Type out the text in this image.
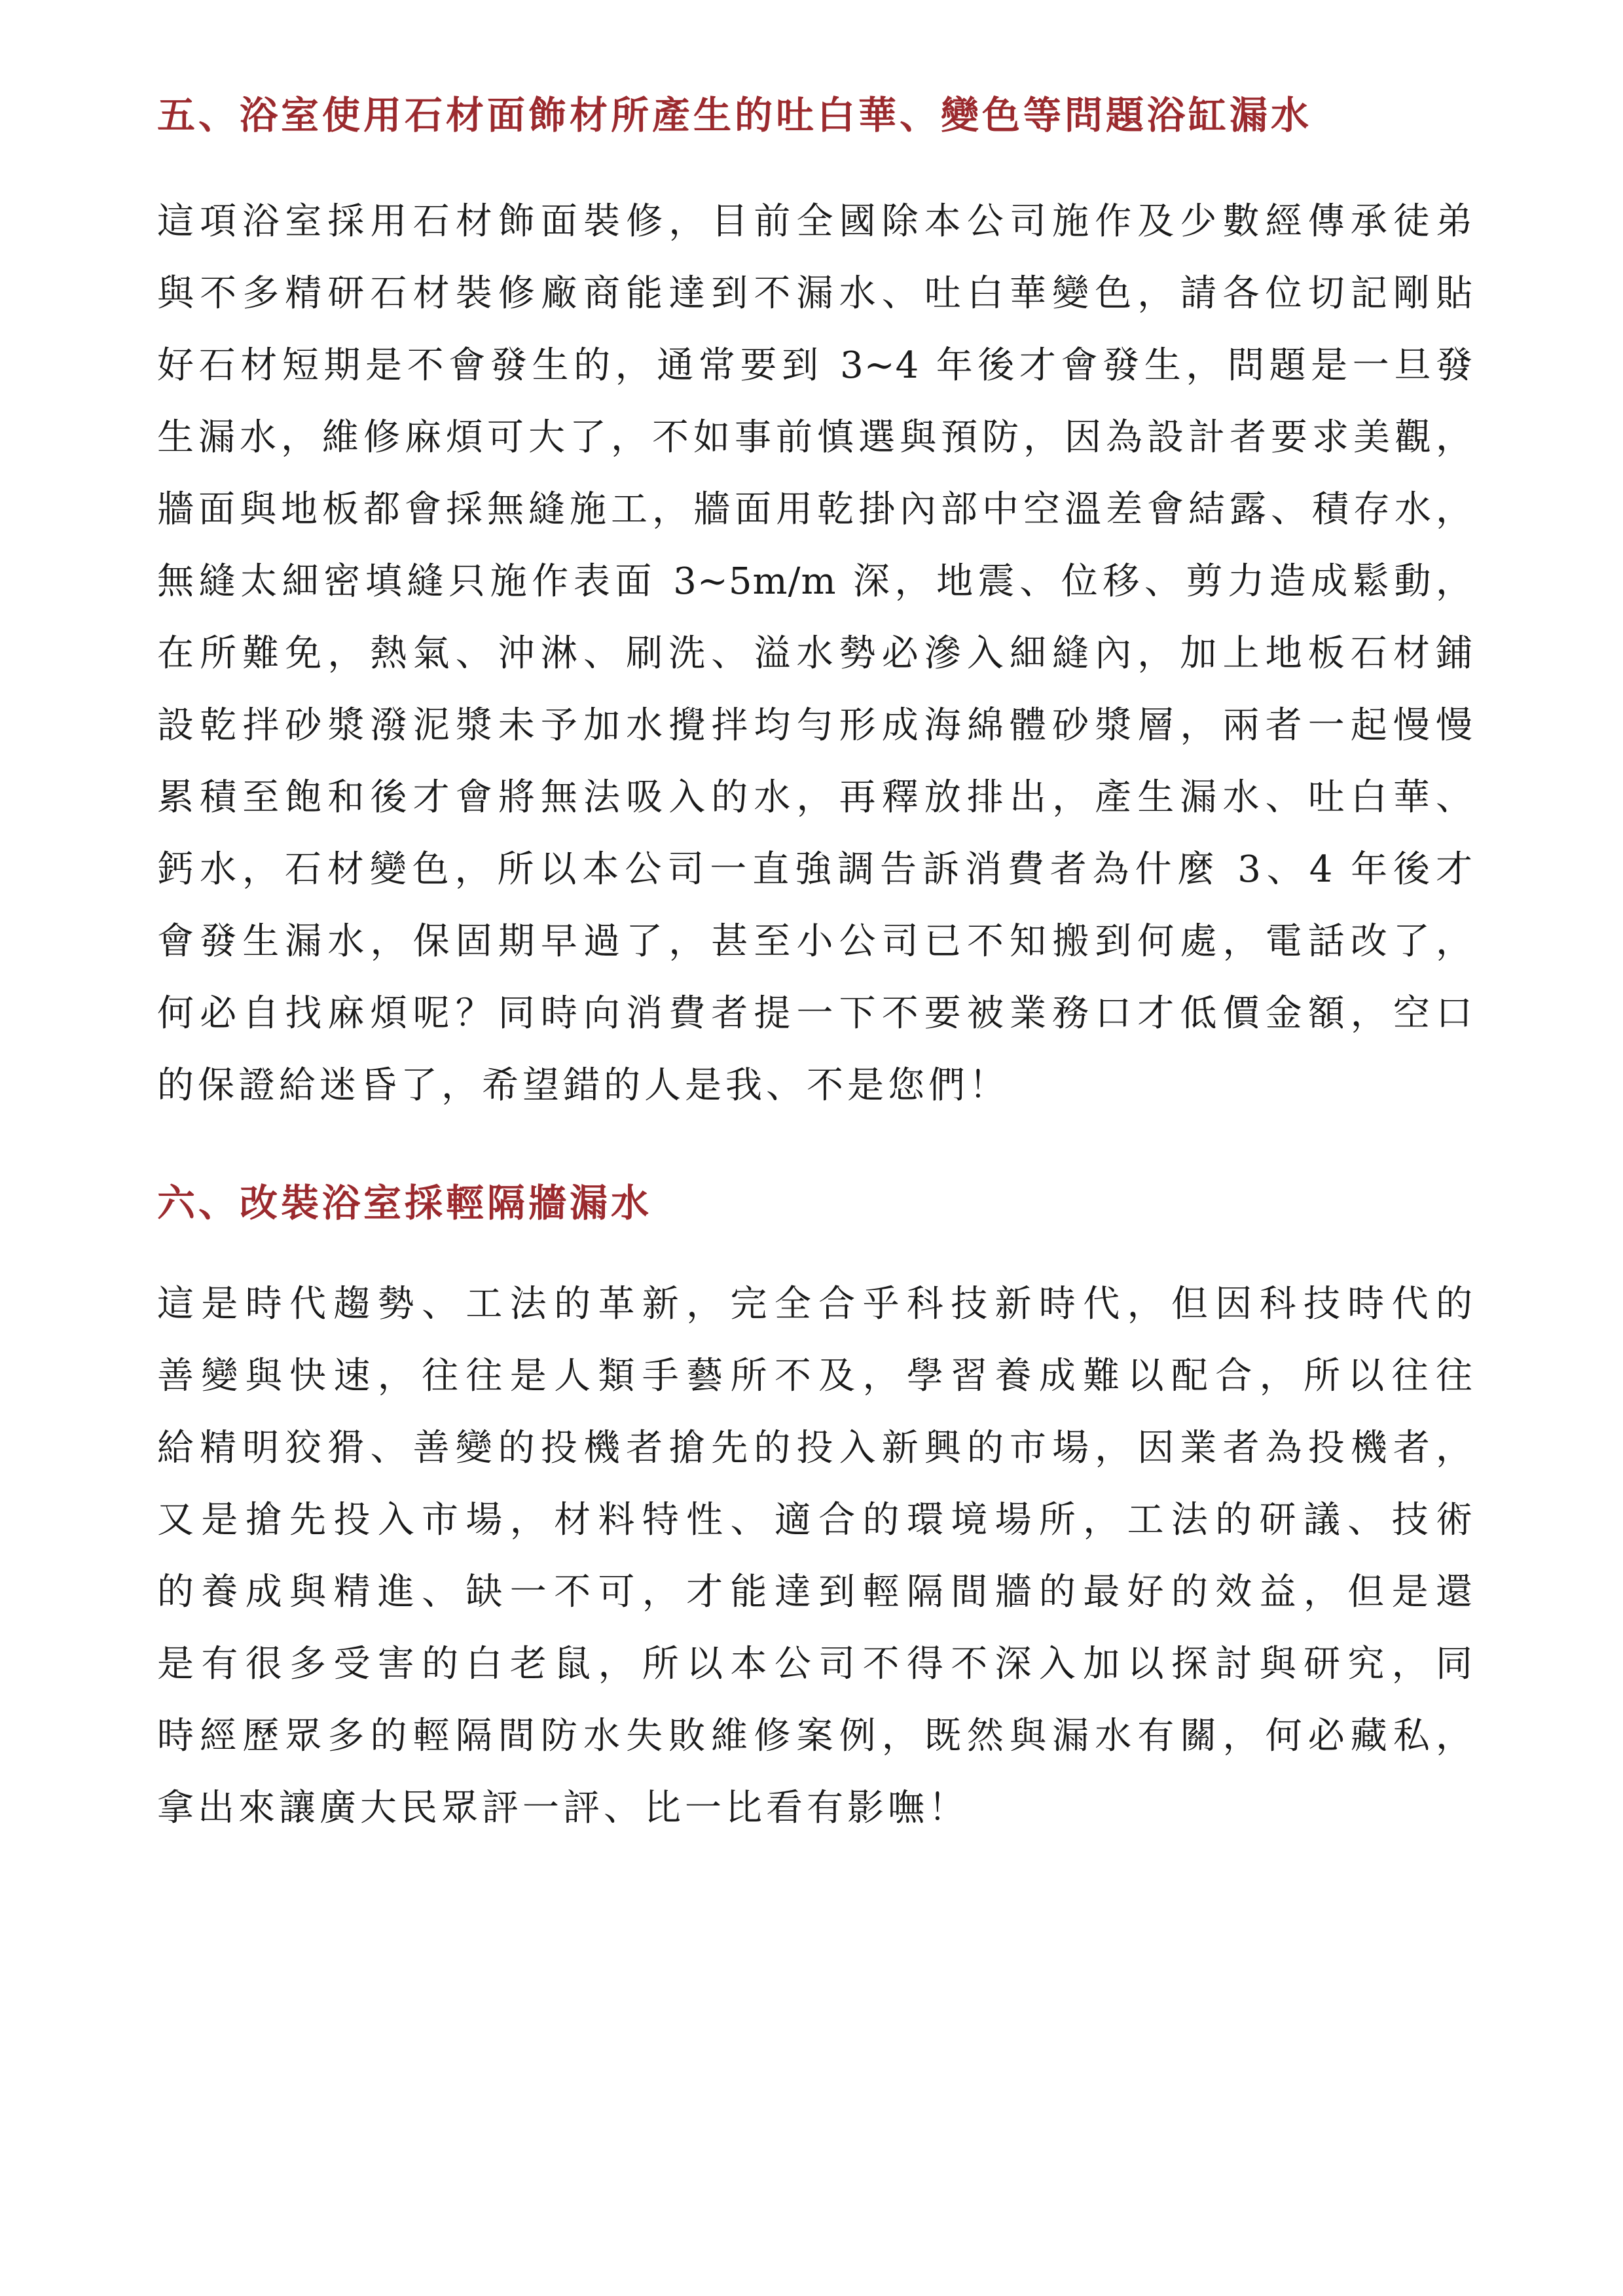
五、浴室使用石材面飾材所產生的吐白華、變色等問題浴缸漏水
這項浴室採用石材飾面裝修，目前全國除本公司施作及少數經傳承徒弟
與不多精研石材裝修廠商能達到不漏水、吐白華變色，請各位切記剛貼
好石材短期是不會發生的，通常要到 3~4 年後才會發生，問題是一旦發
生漏水，維修麻煩可大了，不如事前慎選與預防，因為設計者要求美觀，
牆面與地板都會採無縫施工，牆面用乾掛內部中空溫差會結露、積存水，
無縫太細密填縫只施作表面 3~5m/m 深，地震、位移、剪力造成鬆動，
在所難免，熱氣、沖淋、刷洗、溢水勢必滲入細縫內，加上地板石材鋪
設乾拌砂漿潑泥漿未予加水攪拌均勻形成海綿體砂漿層，兩者一起慢慢
累積至飽和後才會將無法吸入的水，再釋放排出，產生漏水、吐白華、
鈣水，石材變色，所以本公司一直強調告訴消費者為什麼 3、4 年後才
會發生漏水，保固期早過了，甚至小公司已不知搬到何處，電話改了，
何必自找麻煩呢？同時向消費者提一下不要被業務口才低價金額，空口
的保證給迷昏了，希望錯的人是我、不是您們！
六、改裝浴室採輕隔牆漏水
這是時代趨勢、工法的革新，完全合乎科技新時代，但因科技時代的
善變與快速，往往是人類手藝所不及，學習養成難以配合，所以往往
給精明狡猾、善變的投機者搶先的投入新興的市場，因業者為投機者，
又是搶先投入市場，材料特性、適合的環境場所，工法的研議、技術
的養成與精進、缺一不可，才能達到輕隔間牆的最好的效益，但是還
是有很多受害的白老鼠，所以本公司不得不深入加以探討與研究，同
時經歷眾多的輕隔間防水失敗維修案例，既然與漏水有關，何必藏私，
拿出來讓廣大民眾評一評、比一比看有影嘸！
